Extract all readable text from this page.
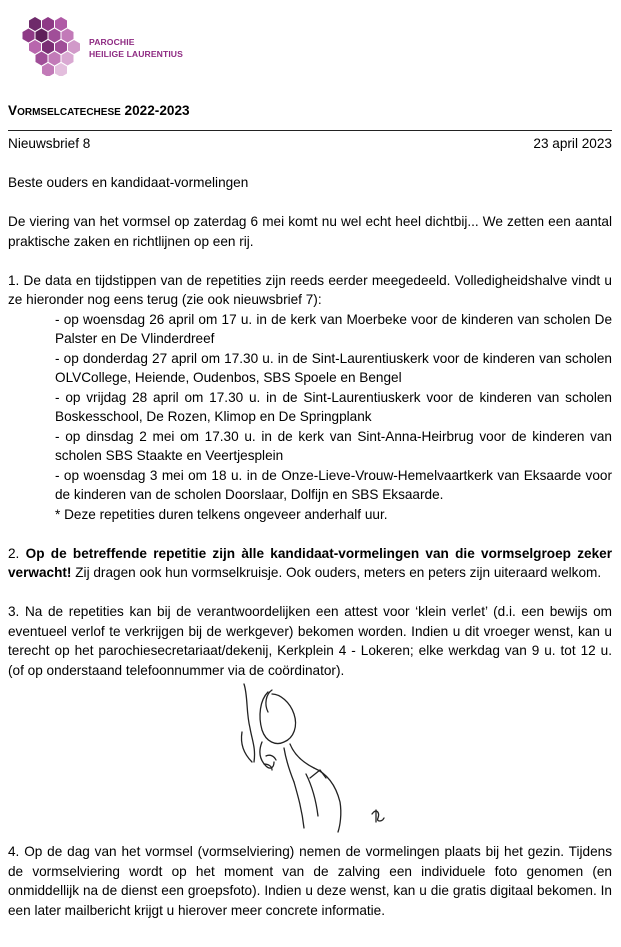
PAROCHIE
HEILIGE LAURENTIUS
Vormselcatechese 2022-2023
Nieuwsbrief 8	23 april 2023

Beste ouders en kandidaat-vormelingen

De viering van het vormsel op zaterdag 6 mei komt nu wel echt heel dichtbij... We zetten een aantal praktische zaken en richtlijnen op een rij.

1. De data en tijdstippen van de repetities zijn reeds eerder meegedeeld. Volledigheidshalve vindt u ze hieronder nog eens terug (zie ook nieuwsbrief 7):

- op woensdag 26 april om 17 u. in de kerk van Moerbeke voor de kinderen van scholen De Palster en De Vlinderdreef

- op donderdag 27 april om 17.30 u. in de Sint-Laurentiuskerk voor de kinderen van scholen OLVCollege, Heiende, Oudenbos, SBS Spoele en Bengel

- op vrijdag 28 april om 17.30 u. in de Sint-Laurentiuskerk voor de kinderen van scholen Boskesschool, De Rozen, Klimop en De Springplank

- op dinsdag 2 mei om 17.30 u. in de kerk van Sint-Anna-Heirbrug voor de kinderen van scholen SBS Staakte en Veertjesplein

- op woensdag 3 mei om 18 u. in de Onze-Lieve-Vrouw-Hemelvaartkerk van Eksaarde voor de kinderen van de scholen Doorslaar, Dolfijn en SBS Eksaarde.

* Deze repetities duren telkens ongeveer anderhalf uur.

2. Op de betreffende repetitie zijn àlle kandidaat-vormelingen van die vormselgroep zeker verwacht! Zij dragen ook hun vormselkruisje. Ook ouders, meters en peters zijn uiteraard welkom.

3. Na de repetities kan bij de verantwoordelijken een attest voor ‘klein verlet’ (d.i. een bewijs om eventueel verlof te verkrijgen bij de werkgever) bekomen worden. Indien u dit vroeger wenst, kan u terecht op het parochiesecretariaat/dekenij, Kerkplein 4 - Lokeren; elke werkdag van 9 u. tot 12 u. (of op onderstaand telefoonnummer via de coördinator).

4. Op de dag van het vormsel (vormselviering) nemen de vormelingen plaats bij het gezin. Tijdens de vormselviering wordt op het moment van de zalving een individuele foto genomen (en onmiddellijk na de dienst een groepsfoto). Indien u deze wenst, kan u die gratis digitaal bekomen. In een later mailbericht krijgt u hierover meer concrete informatie.
